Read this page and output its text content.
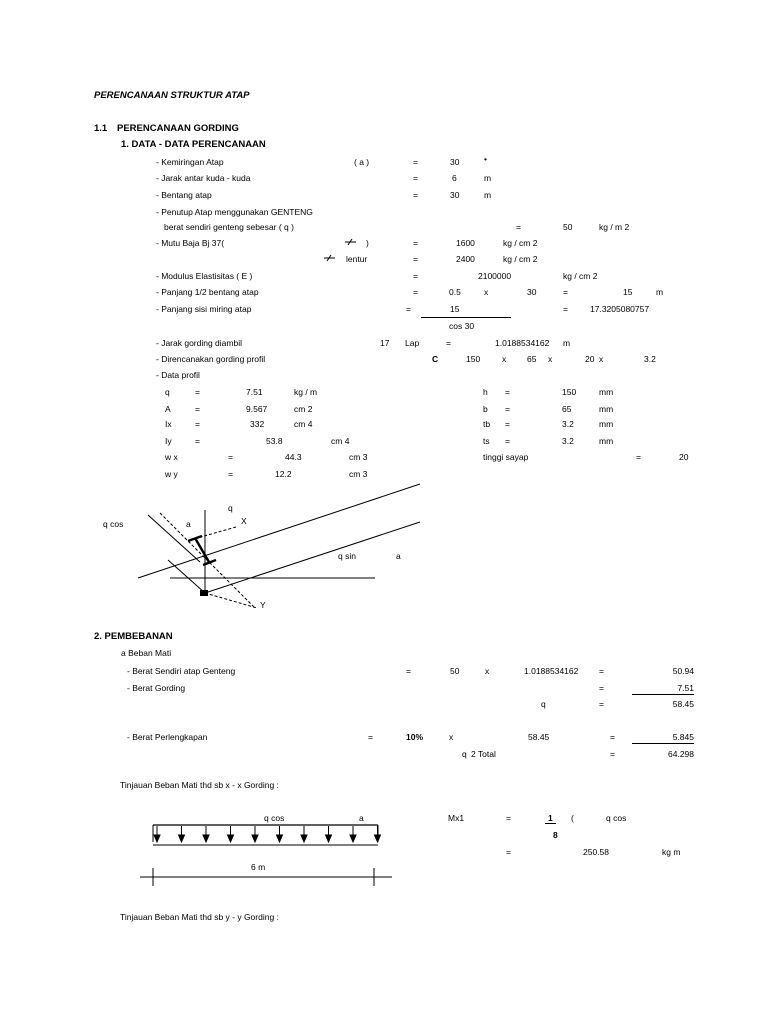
PERENCANAAN STRUKTUR ATAP
1.1 PERENCANAAN GORDING
1. DATA - DATA PERENCANAAN
- Kemiringan Atap	( a )	=	30	•
- Jarak antar kuda - kuda	=	6	m
- Bentang atap	=	30	m
- Penutup Atap menggunakan GENTENG
berat sendiri genteng sebesar ( q )	=	50	kg / m 2
- Mutu Baja Bj 37(	)	=	1600	kg / cm 2
lentur	=	2400	kg / cm 2
- Modulus Elastisitas ( E )	=	2100000	kg / cm 2
- Panjang 1/2 bentang atap	=	0.5	x	30	=	15	m
- Panjang sisi miring atap	=	15
cos 30
=	17.3205080757
- Jarak gording diambil	17 Lap	=	1.0188534162 m
- Direncanakan gording profil	C	150	x 65 x	20 x	3.2
- Data profil
q	=	7.51	kg / m
A	=	9.567	cm 2
Ix	=	332	cm 4
Iy	=	53.8	cm 4
w x	=	44.3	cm 3
w y	=	12.2	cm 3
h =	150	mm
b =	65	mm
tb =	3.2	mm
ts =	3.2	mm
tinggi sayap	=	20
q
q cos	a	X
q sin	a
Y
2. PEMBEBANAN
a Beban Mati
- Berat Sendiri atap Genteng	=	50	x	1.0188534162 =	50.94
- Berat Gording	=	7.51
q	=	58.45
- Berat Perlengkapan	=	10%	x	58.45	=	5.845
q 2 Total	=	64.298
Tinjauan Beban Mati thd sb x - x Gording :
q cos	a
6 m
Mx1	=	1 (	q cos
8
=	250.58	kg m
Tinjauan Beban Mati thd sb y - y Gording :
